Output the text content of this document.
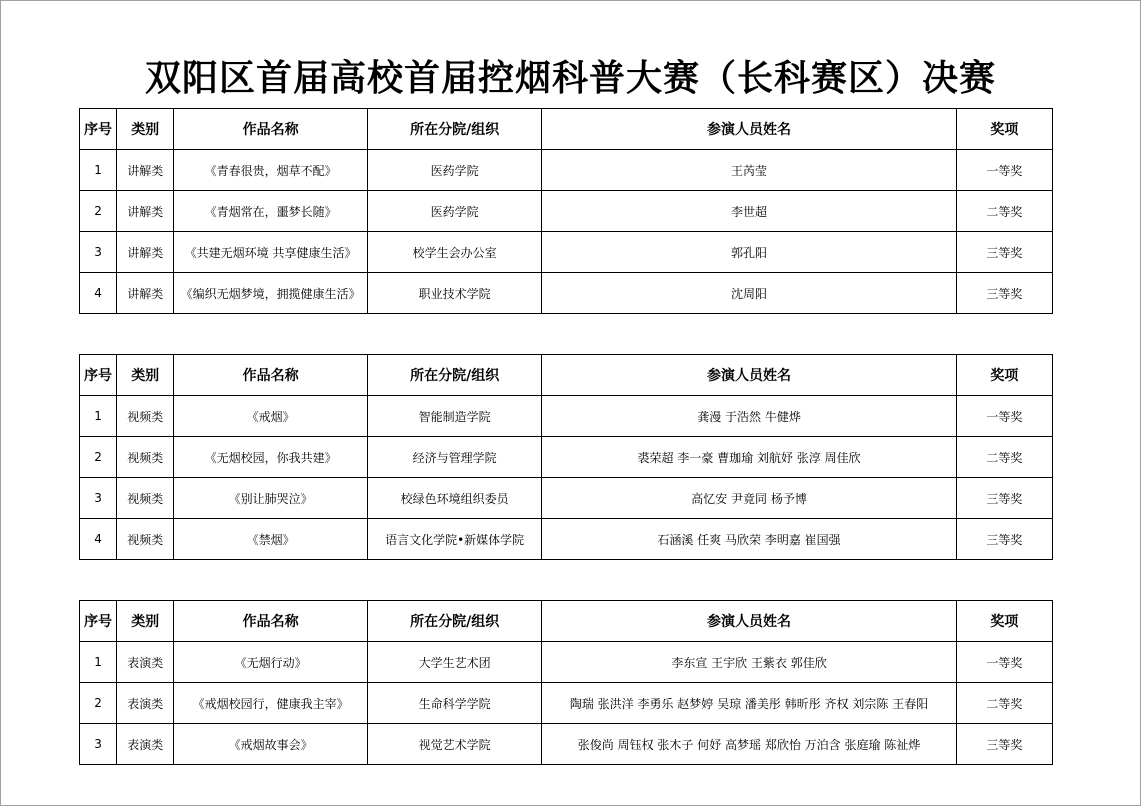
双阳区首届高校首届控烟科普大赛（长科赛区）决赛
序号	类别	作品名称	所在分院/组织	参演人员姓名	奖项
1	讲解类	《青春很贵，烟草不配》	医药学院	王芮莹	一等奖
2	讲解类	《青烟常在，噩梦长随》	医药学院	李世超	二等奖
3	讲解类	《共建无烟环境 共享健康生活》	校学生会办公室	郭孔阳	三等奖
4	讲解类	《编织无烟梦境，拥揽健康生活》	职业技术学院	沈周阳	三等奖
序号	类别	作品名称	所在分院/组织	参演人员姓名	奖项
1	视频类	《戒烟》	智能制造学院	龚漫 于浩然 牛健烨	一等奖
2	视频类	《无烟校园，你我共建》	经济与管理学院	裘荣超 李一豪 曹珈瑜 刘航妤 张淳 周佳欣	二等奖
3	视频类	《别让肺哭泣》	校绿色环境组织委员	高忆安 尹竟同 杨予博	三等奖
4	视频类	《禁烟》	语言文化学院•新媒体学院	石涵溪 任爽 马欣荣 李明嘉 崔国强	三等奖
序号	类别	作品名称	所在分院/组织	参演人员姓名	奖项
1	表演类	《无烟行动》	大学生艺术团	李东宣 王宇欣 王紫衣 郭佳欣	一等奖
2	表演类	《戒烟校园行，健康我主宰》	生命科学学院	陶瑞 张洪洋 李勇乐 赵梦婷 吴琼 潘美彤 韩昕彤 齐权 刘宗陈 王春阳	二等奖
3	表演类	《戒烟故事会》	视觉艺术学院	张俊尚 周钰权 张木子 何妤 高梦瑶 郑欣怡 万泊含 张庭瑜 陈祉烨	三等奖
